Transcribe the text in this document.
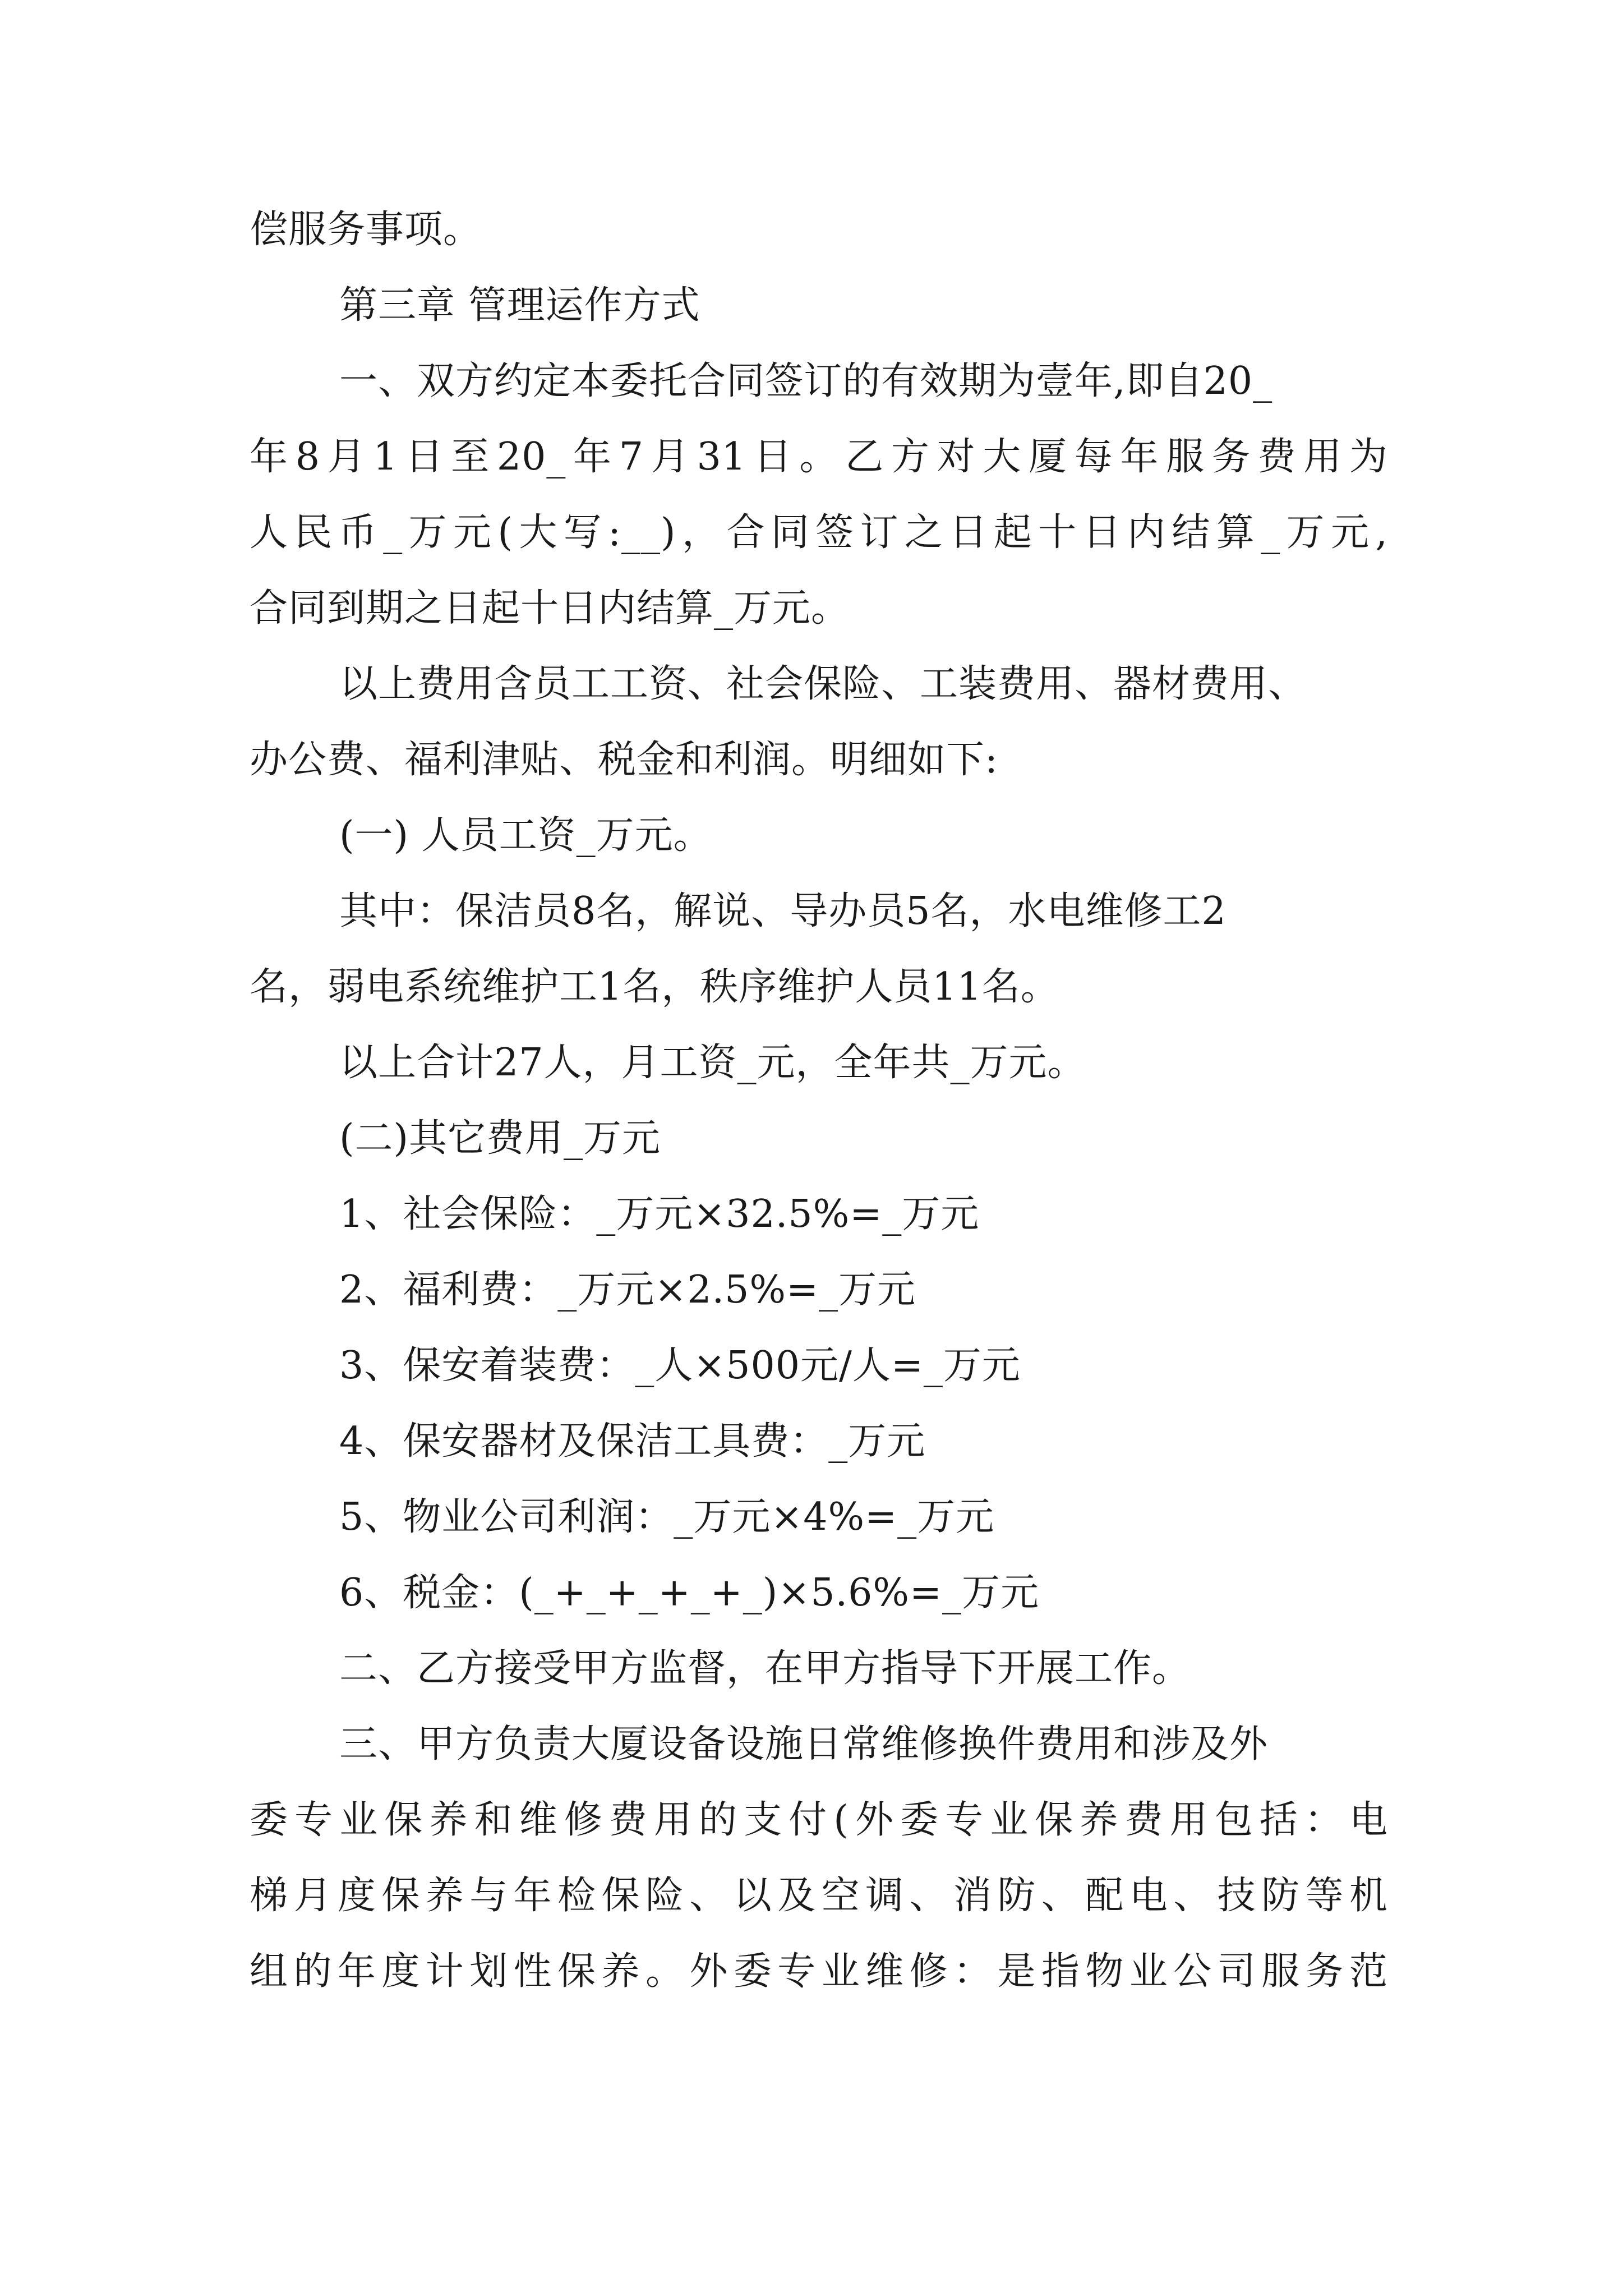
偿服务事项。
第三章 管理运作方式
一、双方约定本委托合同签订的有效期为壹年,即自20_
年8月1日至20_年7月31日。乙方对大厦每年服务费用为
人民币_万元(大写:__)，合同签订之日起十日内结算_万元,
合同到期之日起十日内结算_万元。
以上费用含员工工资、社会保险、工装费用、器材费用、
办公费、福利津贴、税金和利润。明细如下:
(一) 人员工资_万元。
其中：保洁员8名，解说、导办员5名，水电维修工2
名，弱电系统维护工1名，秩序维护人员11名。
以上合计27人，月工资_元，全年共_万元。
(二)其它费用_万元
1、社会保险：_万元×32.5%=_万元
2、福利费：_万元×2.5%=_万元
3、保安着装费：_人×500元/人=_万元
4、保安器材及保洁工具费：_万元
5、物业公司利润：_万元×4%=_万元
6、税金：(_+_+_+_+_)×5.6%=_万元
二、乙方接受甲方监督，在甲方指导下开展工作。
三、甲方负责大厦设备设施日常维修换件费用和涉及外
委专业保养和维修费用的支付(外委专业保养费用包括：电
梯月度保养与年检保险、以及空调、消防、配电、技防等机
组的年度计划性保养。外委专业维修：是指物业公司服务范
